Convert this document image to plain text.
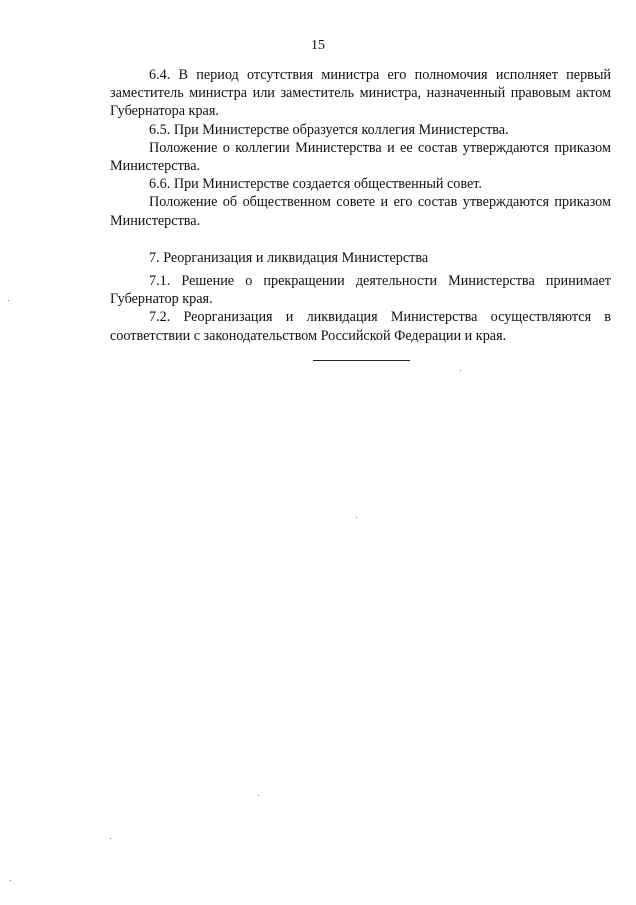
15

6.4. В период отсутствия министра его полномочия исполняет первый заместитель министра или заместитель министра, назначенный правовым актом Губернатора края.

6.5. При Министерстве образуется коллегия Министерства.

Положение о коллегии Министерства и ее состав утверждаются приказом Министерства.

6.6. При Министерстве создается общественный совет.

Положение об общественном совете и его состав утверждаются приказом Министерства.

7. Реорганизация и ликвидация Министерства

7.1. Решение о прекращении деятельности Министерства принимает Губернатор края.

7.2. Реорганизация и ликвидация Министерства осуществляются в соответствии с законодательством Российской Федерации и края.
